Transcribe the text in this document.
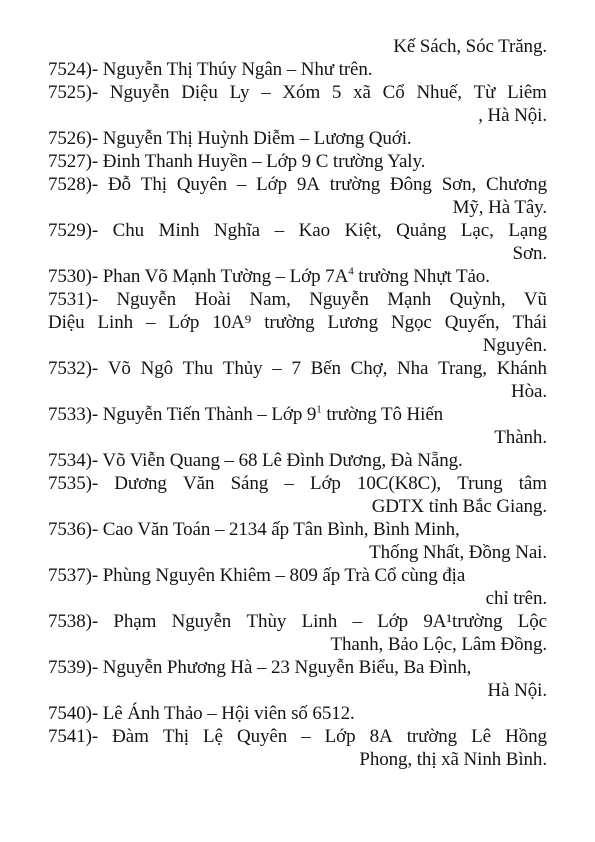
Kế Sách, Sóc Trăng.
7524)- Nguyễn Thị Thúy Ngân – Như trên.
7525)- Nguyễn Diệu Ly – Xóm 5 xã Cổ Nhuế, Từ Liêm
, Hà Nội.
7526)- Nguyễn Thị Huỳnh Diễm – Lương Quới.
7527)- Đinh Thanh Huyền – Lớp 9 C trường Yaly.
7528)- Đỗ Thị Quyên – Lớp 9A trường Đông Sơn, Chương
Mỹ, Hà Tây.
7529)- Chu Minh Nghĩa – Kao Kiệt, Quảng Lạc, Lạng
Sơn.
7530)- Phan Võ Mạnh Tường – Lớp $7A^4$ trường Nhựt Tảo.
7531)- Nguyễn Hoài Nam, Nguyễn Mạnh Quỳnh, Vũ
Diệu Linh – Lớp 10A⁹ trường Lương Ngọc Quyến, Thái
Nguyên.
7532)- Võ Ngô Thu Thủy – 7 Bến Chợ, Nha Trang, Khánh
Hòa.
7533)- Nguyễn Tiến Thành – Lớp $9^1$ trường Tô Hiến
Thành.
7534)- Võ Viễn Quang – 68 Lê Đình Dương, Đà Nẵng.
7535)- Dương Văn Sáng – Lớp 10C(K8C), Trung tâm
GDTX tỉnh Bắc Giang.
7536)- Cao Văn Toán – 2134 ấp Tân Bình, Bình Minh,
Thống Nhất, Đồng Nai.
7537)- Phùng Nguyên Khiêm – 809 ấp Trà Cổ cùng địa
chỉ trên.
7538)- Phạm Nguyễn Thùy Linh – Lớp 9A¹trường Lộc
Thanh, Bảo Lộc, Lâm Đồng.
7539)- Nguyễn Phương Hà – 23 Nguyễn Biểu, Ba Đình,
Hà Nội.
7540)- Lê Ánh Thảo – Hội viên số 6512.
7541)- Đàm Thị Lệ Quyên – Lớp 8A trường Lê Hồng
Phong, thị xã Ninh Bình.
